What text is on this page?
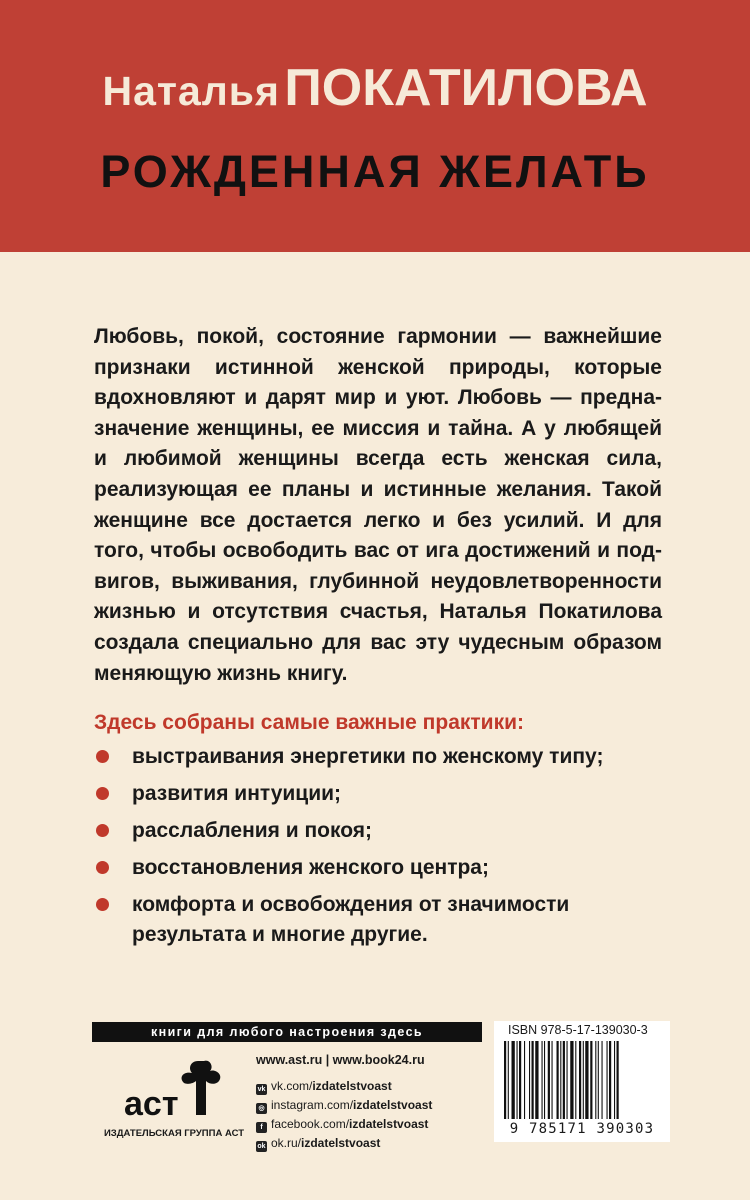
Наталья ПОКАТИЛОВА
РОЖДЕННАЯ ЖЕЛАТЬ

Любовь, покой, состояние гармонии — важнейшие признаки истинной женской природы, которые вдохновляют и дарят мир и уют. Любовь — предназначение женщины, ее миссия и тайна. А у любящей и любимой женщины всегда есть женская сила, реализующая ее планы и истинные желания. Такой женщине все достается легко и без усилий. И для того, чтобы освободить вас от ига достижений и подвигов, выживания, глубинной неудовлетворенности жизнью и отсутствия счастья, Наталья Покатилова создала специально для вас эту чудесным образом меняющую жизнь книгу.

Здесь собраны самые важные практики:
выстраивания энергетики по женскому типу;
развития интуиции;
расслабления и покоя;
восстановления женского центра;
комфорта и освобождения от значимости результата и многие другие.
книги для любого настроения здесь
аст
ИЗДАТЕЛЬСКАЯ ГРУППА АСТ
www.ast.ru | www.book24.ru
vk vk.com/izdatelstvoast
◎ instagram.com/izdatelstvoast
f facebook.com/izdatelstvoast
ok ok.ru/izdatelstvoast
ISBN 978-5-17-139030-3
9 785171 390303
